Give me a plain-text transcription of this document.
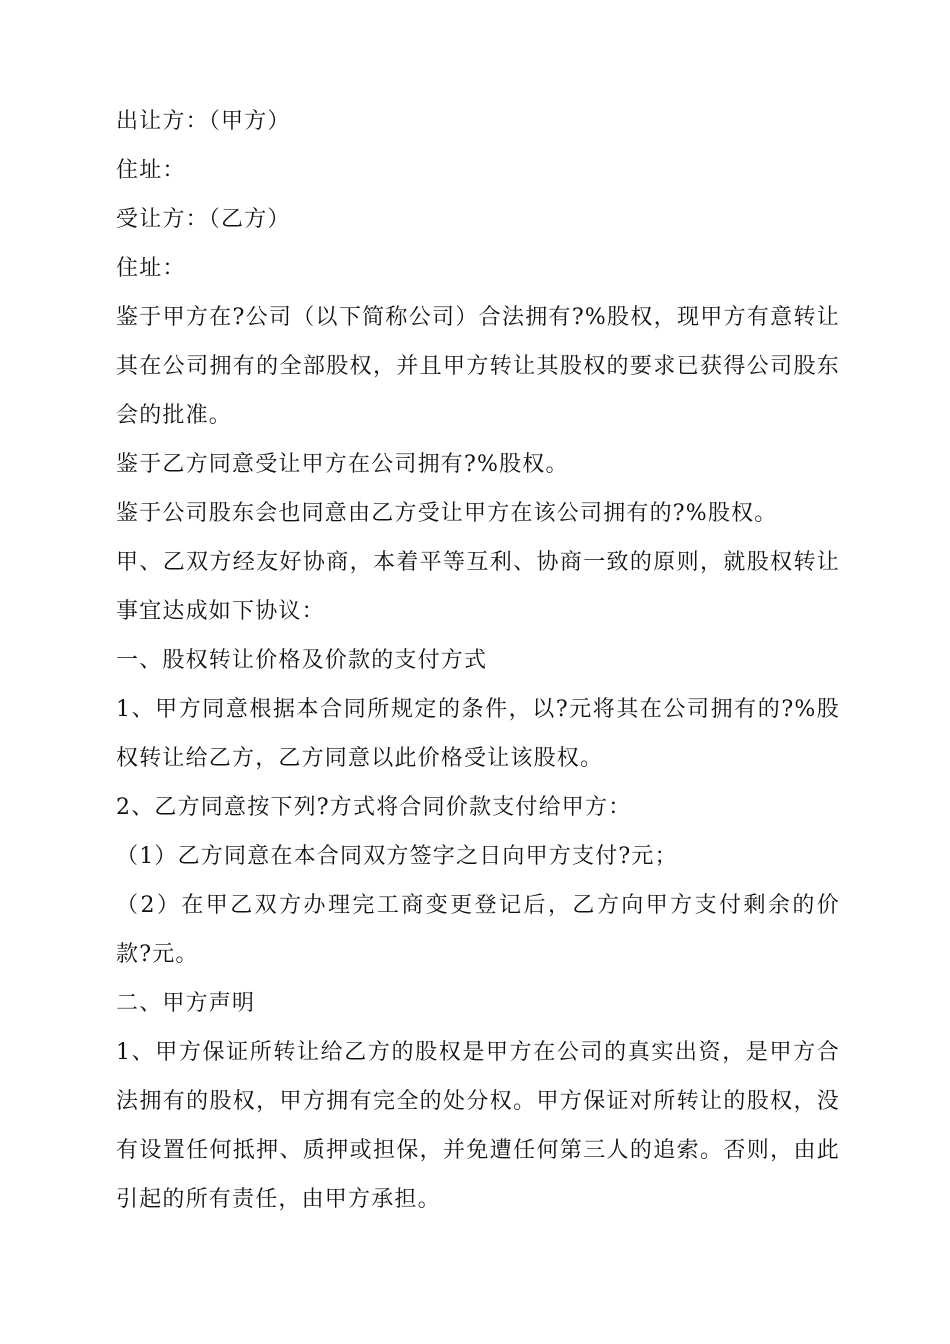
出让方：（甲方）

住址：

受让方：（乙方）

住址：

鉴于甲方在?公司（以下简称公司）合法拥有?%股权，现甲方有意转让其在公司拥有的全部股权，并且甲方转让其股权的要求已获得公司股东会的批准。

鉴于乙方同意受让甲方在公司拥有?%股权。

鉴于公司股东会也同意由乙方受让甲方在该公司拥有的?%股权。

甲、乙双方经友好协商，本着平等互利、协商一致的原则，就股权转让事宜达成如下协议：

一、股权转让价格及价款的支付方式

1、甲方同意根据本合同所规定的条件，以?元将其在公司拥有的?%股权转让给乙方，乙方同意以此价格受让该股权。

2、乙方同意按下列?方式将合同价款支付给甲方：

（1）乙方同意在本合同双方签字之日向甲方支付?元；

（2）在甲乙双方办理完工商变更登记后，乙方向甲方支付剩余的价款?元。

二、甲方声明

1、甲方保证所转让给乙方的股权是甲方在公司的真实出资，是甲方合法拥有的股权，甲方拥有完全的处分权。甲方保证对所转让的股权，没有设置任何抵押、质押或担保，并免遭任何第三人的追索。否则，由此引起的所有责任，由甲方承担。
